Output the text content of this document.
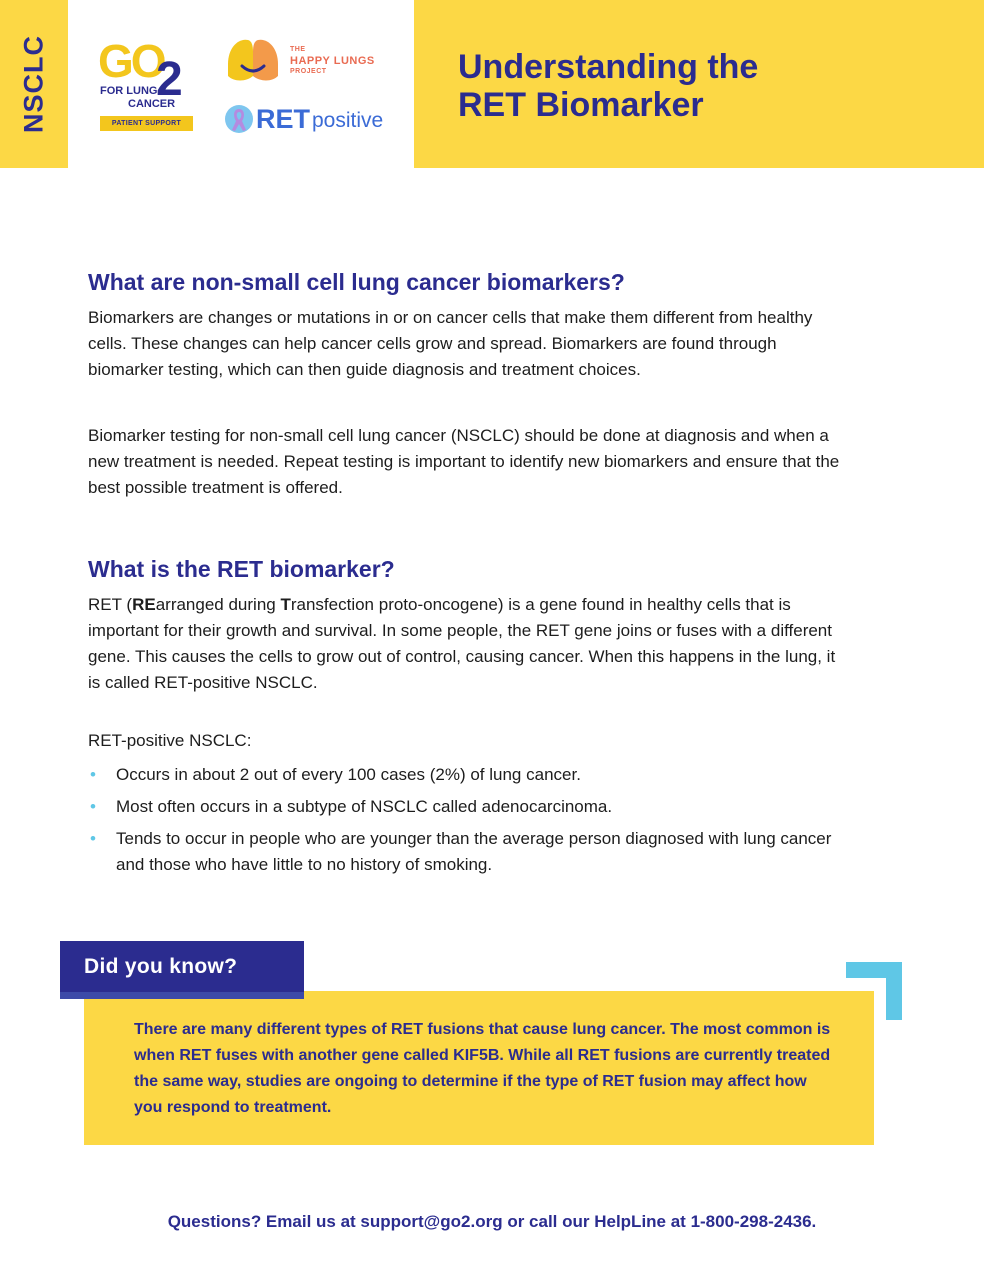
NSCLC GO
2
FOR LUNG
CANCER
PATIENT SUPPORT
THE
HAPPY LUNGS
PROJECT
RET positive
Understanding the
RET Biomarker
What are non-small cell lung cancer biomarkers?

Biomarkers are changes or mutations in or on cancer cells that make them different from healthy cells. These changes can help cancer cells grow and spread. Biomarkers are found through biomarker testing, which can then guide diagnosis and treatment choices.

Biomarker testing for non-small cell lung cancer (NSCLC) should be done at diagnosis and when a new treatment is needed. Repeat testing is important to identify new biomarkers and ensure that the best possible treatment is offered.

What is the RET biomarker?

RET (REarranged during Transfection proto-oncogene) is a gene found in healthy cells that is important for their growth and survival. In some people, the RET gene joins or fuses with a different gene. This causes the cells to grow out of control, causing cancer. When this happens in the lung, it is called RET-positive NSCLC.

RET-positive NSCLC:

• Occurs in about 2 out of every 100 cases (2%) of lung cancer.
• Most often occurs in a subtype of NSCLC called adenocarcinoma.
• Tends to occur in people who are younger than the average person diagnosed with lung cancer and those who have little to no history of smoking.
There are many different types of RET fusions that cause lung cancer. The most common is when RET fuses with another gene called KIF5B. While all RET fusions are currently treated the same way, studies are ongoing to determine if the type of RET fusion may affect how you respond to treatment.
Did you know?
Questions? Email us at support@go2.org or call our HelpLine at 1-800-298-2436.
